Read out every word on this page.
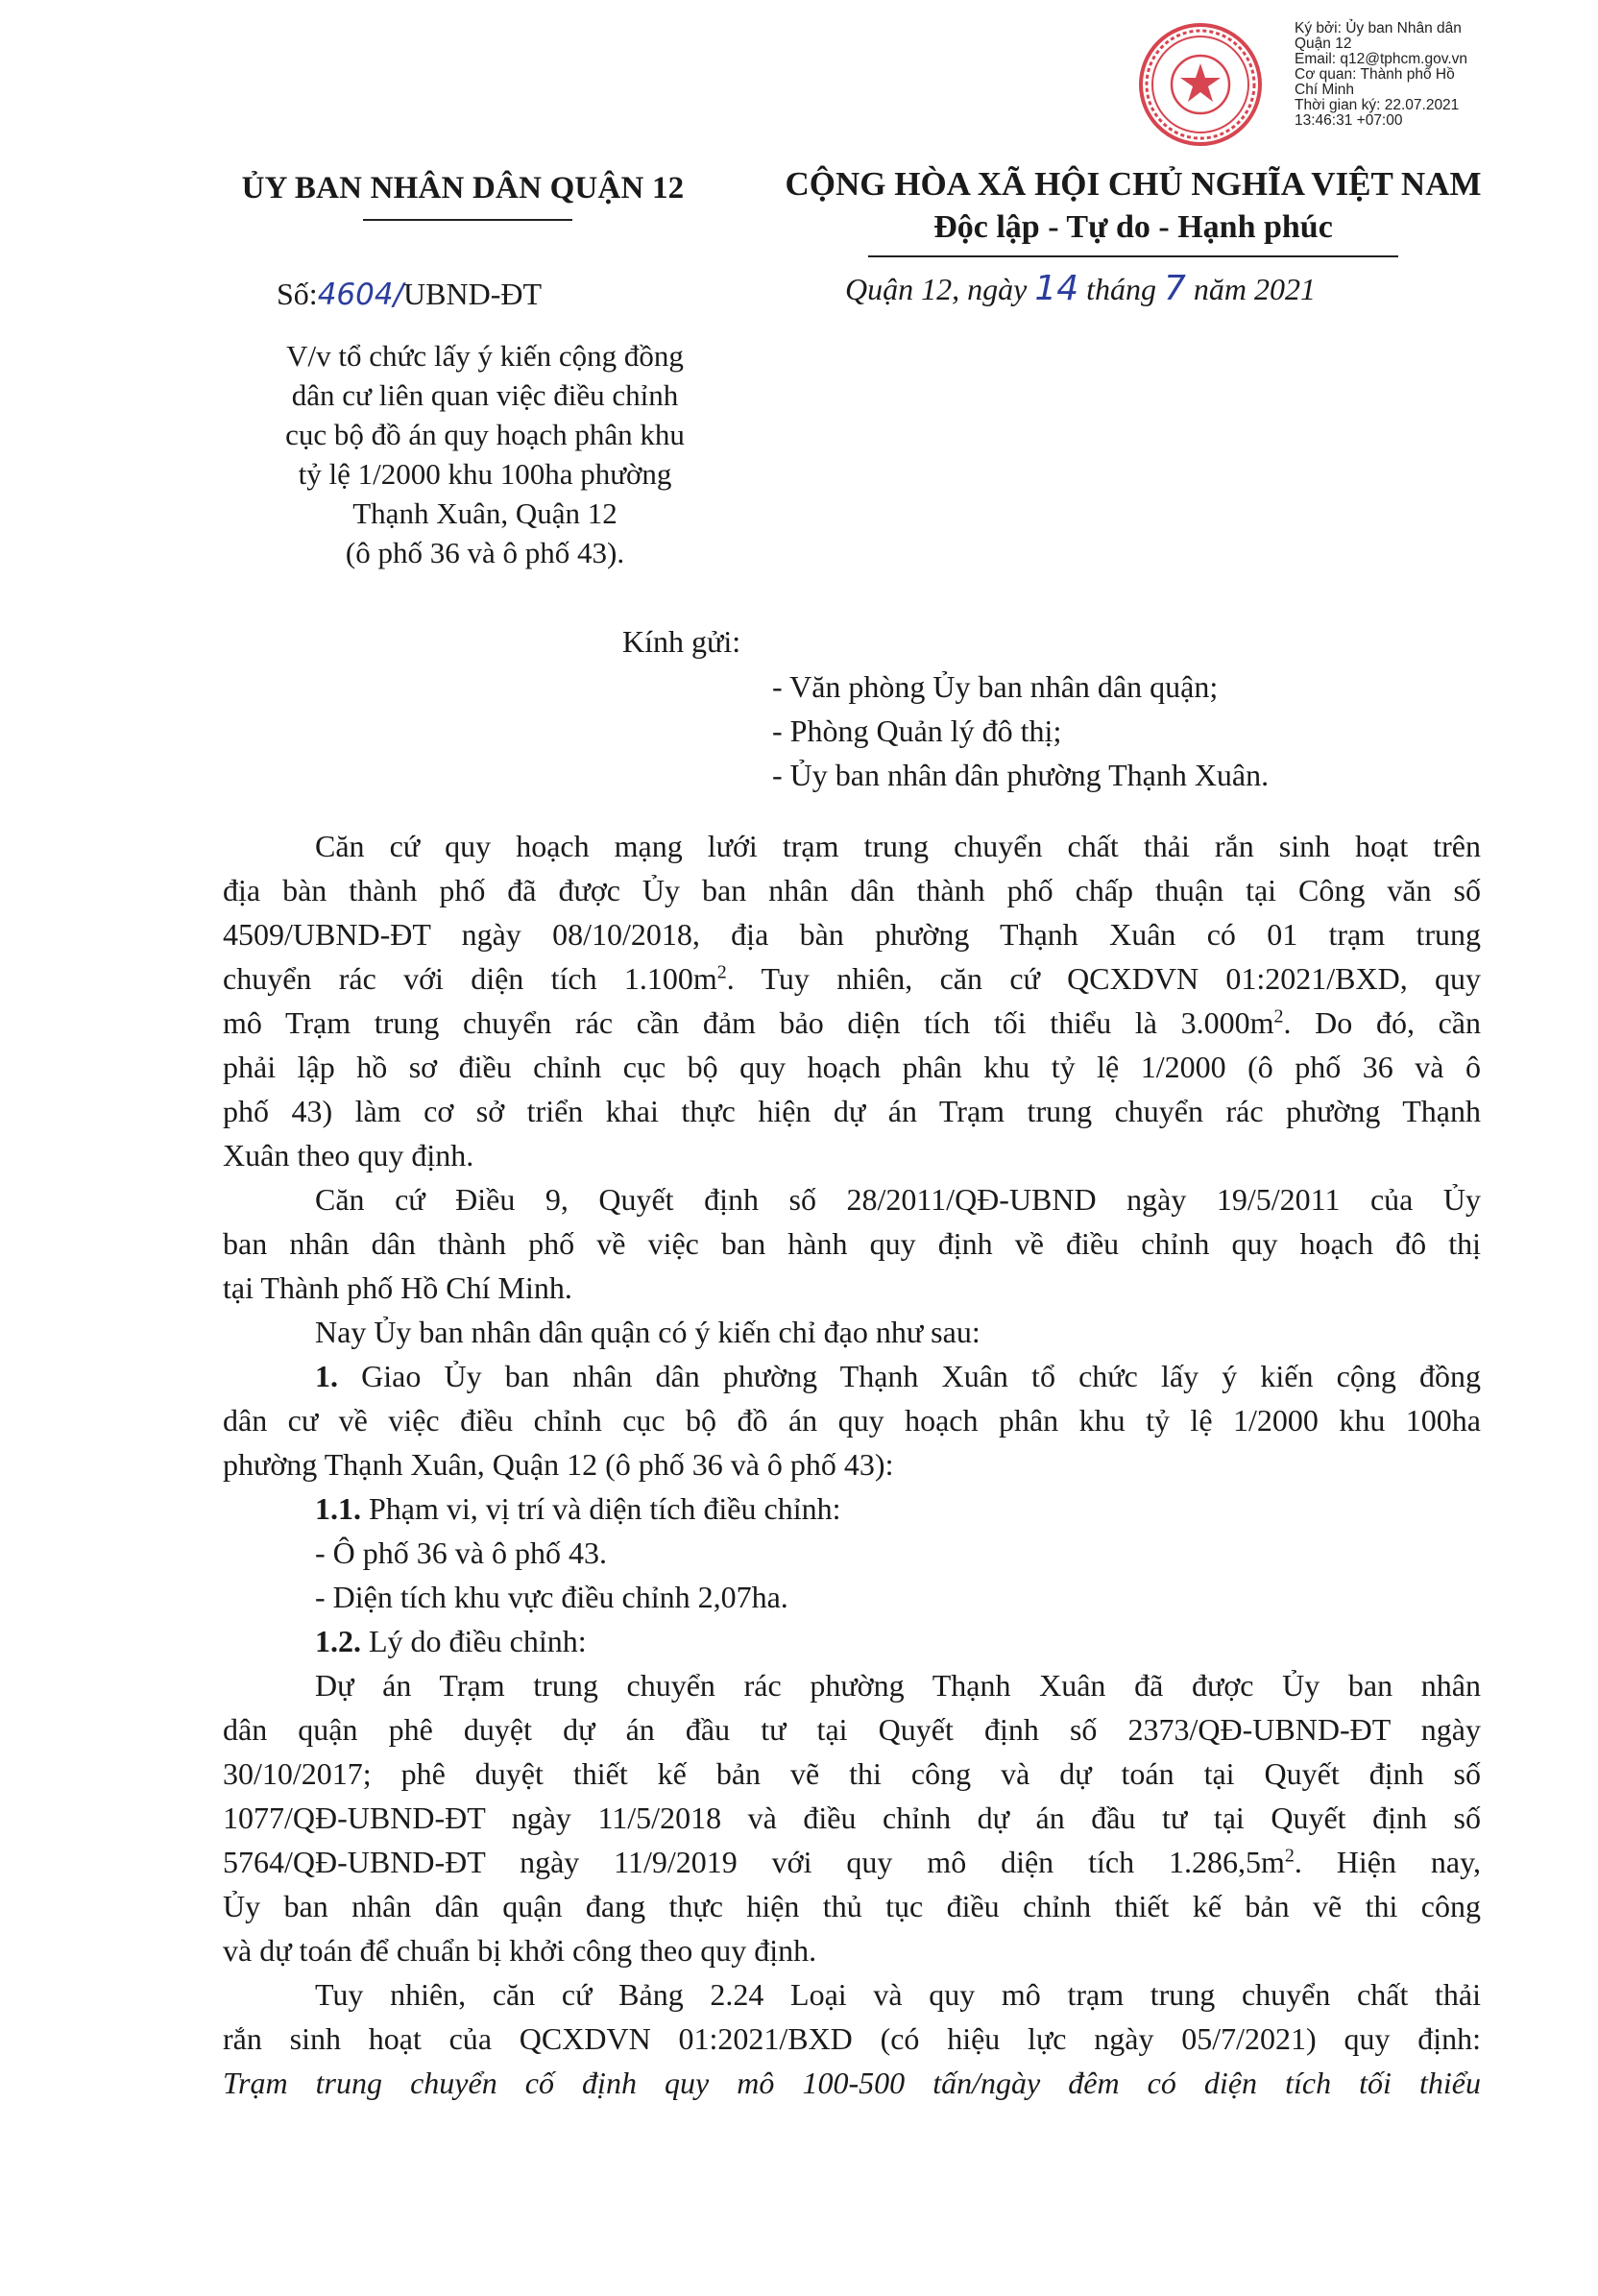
Ký bởi: Ủy ban Nhân dân
Quận 12
Email: q12@tphcm.gov.vn
Cơ quan: Thành phố Hồ
Chí Minh
Thời gian ký: 22.07.2021
13:46:31 +07:00
ỦY BAN NHÂN DÂN QUẬN 12	CỘNG HÒA XÃ HỘI CHỦ NGHĨA VIỆT NAM
Độc lập - Tự do - Hạnh phúc
Số:4604/UBND-ĐT	Quận 12, ngày 14 tháng 7 năm 2021
V/v tổ chức lấy ý kiến cộng đồng
dân cư liên quan việc điều chỉnh
cục bộ đồ án quy hoạch phân khu
tỷ lệ 1/2000 khu 100ha phường
Thạnh Xuân, Quận 12
(ô phố 36 và ô phố 43).
Kính gửi:
- Văn phòng Ủy ban nhân dân quận;
- Phòng Quản lý đô thị;
- Ủy ban nhân dân phường Thạnh Xuân.
Căn cứ quy hoạch mạng lưới trạm trung chuyển chất thải rắn sinh hoạt trên
địa bàn thành phố đã được Ủy ban nhân dân thành phố chấp thuận tại Công văn số
4509/UBND-ĐT ngày 08/10/2018, địa bàn phường Thạnh Xuân có 01 trạm trung
chuyển rác với diện tích $1.100m^2$. Tuy nhiên, căn cứ QCXDVN 01:2021/BXD, quy
mô Trạm trung chuyển rác cần đảm bảo diện tích tối thiểu là $3.000m^2$. Do đó, cần
phải lập hồ sơ điều chỉnh cục bộ quy hoạch phân khu tỷ lệ 1/2000 (ô phố 36 và ô
phố 43) làm cơ sở triển khai thực hiện dự án Trạm trung chuyển rác phường Thạnh
Xuân theo quy định.
Căn cứ Điều 9, Quyết định số 28/2011/QĐ-UBND ngày 19/5/2011 của Ủy
ban nhân dân thành phố về việc ban hành quy định về điều chỉnh quy hoạch đô thị
tại Thành phố Hồ Chí Minh.
Nay Ủy ban nhân dân quận có ý kiến chỉ đạo như sau:
1. Giao Ủy ban nhân dân phường Thạnh Xuân tổ chức lấy ý kiến cộng đồng
dân cư về việc điều chỉnh cục bộ đồ án quy hoạch phân khu tỷ lệ 1/2000 khu 100ha
phường Thạnh Xuân, Quận 12 (ô phố 36 và ô phố 43):
1.1. Phạm vi, vị trí và diện tích điều chỉnh:
- Ô phố 36 và ô phố 43.
- Diện tích khu vực điều chỉnh 2,07ha.
1.2. Lý do điều chỉnh:
Dự án Trạm trung chuyển rác phường Thạnh Xuân đã được Ủy ban nhân
dân quận phê duyệt dự án đầu tư tại Quyết định số 2373/QĐ-UBND-ĐT ngày
30/10/2017; phê duyệt thiết kế bản vẽ thi công và dự toán tại Quyết định số
1077/QĐ-UBND-ĐT ngày 11/5/2018 và điều chỉnh dự án đầu tư tại Quyết định số
5764/QĐ-UBND-ĐT ngày 11/9/2019 với quy mô diện tích $1.286,5m^2$. Hiện nay,
Ủy ban nhân dân quận đang thực hiện thủ tục điều chỉnh thiết kế bản vẽ thi công
và dự toán để chuẩn bị khởi công theo quy định.
Tuy nhiên, căn cứ Bảng 2.24 Loại và quy mô trạm trung chuyển chất thải
rắn sinh hoạt của QCXDVN 01:2021/BXD (có hiệu lực ngày 05/7/2021) quy định:
Trạm trung chuyển cố định quy mô 100-500 tấn/ngày đêm có diện tích tối thiểu
